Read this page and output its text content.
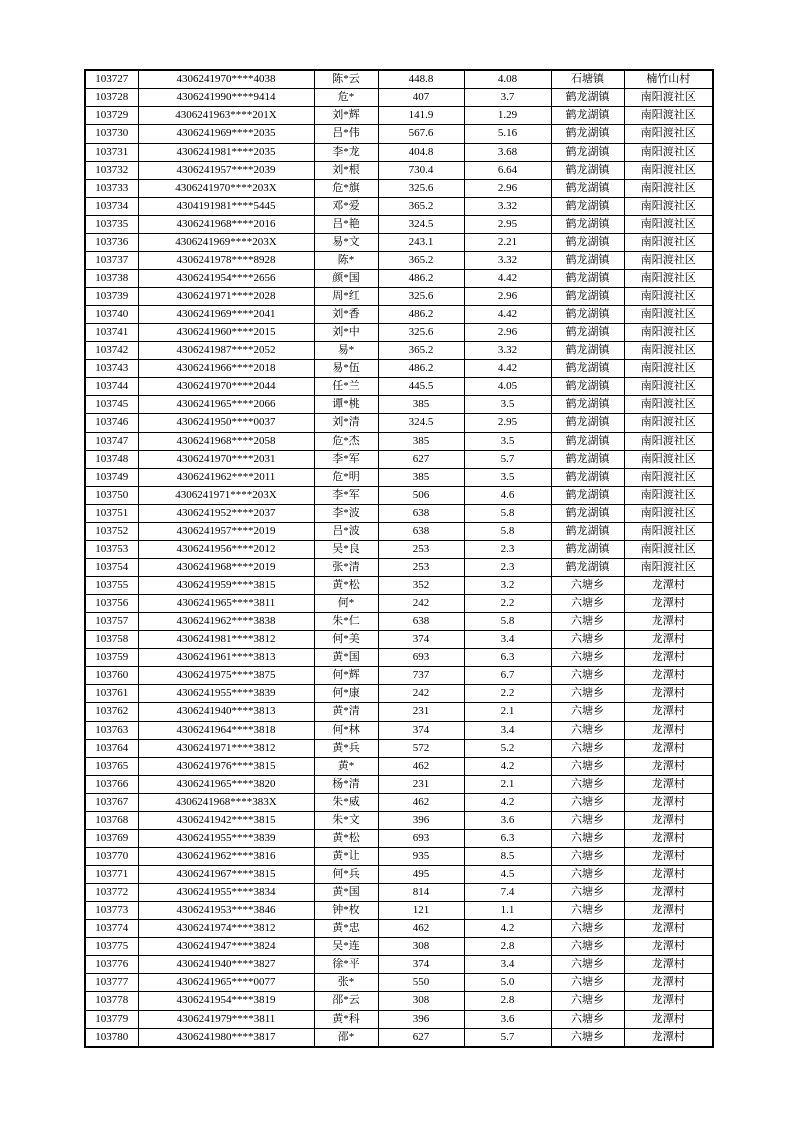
103727	4306241970****4038	陈*云	448.8	4.08	石塘镇	楠竹山村
103728	4306241990****9414	危*	407	3.7	鹤龙湖镇	南阳渡社区
103729	4306241963****201X	刘*辉	141.9	1.29	鹤龙湖镇	南阳渡社区
103730	4306241969****2035	吕*伟	567.6	5.16	鹤龙湖镇	南阳渡社区
103731	4306241981****2035	李*龙	404.8	3.68	鹤龙湖镇	南阳渡社区
103732	4306241957****2039	刘*根	730.4	6.64	鹤龙湖镇	南阳渡社区
103733	4306241970****203X	危*旗	325.6	2.96	鹤龙湖镇	南阳渡社区
103734	4304191981****5445	邓*爱	365.2	3.32	鹤龙湖镇	南阳渡社区
103735	4306241968****2016	吕*艳	324.5	2.95	鹤龙湖镇	南阳渡社区
103736	4306241969****203X	易*文	243.1	2.21	鹤龙湖镇	南阳渡社区
103737	4306241978****8928	陈*	365.2	3.32	鹤龙湖镇	南阳渡社区
103738	4306241954****2656	颜*国	486.2	4.42	鹤龙湖镇	南阳渡社区
103739	4306241971****2028	周*红	325.6	2.96	鹤龙湖镇	南阳渡社区
103740	4306241969****2041	刘*香	486.2	4.42	鹤龙湖镇	南阳渡社区
103741	4306241960****2015	刘*中	325.6	2.96	鹤龙湖镇	南阳渡社区
103742	4306241987****2052	易*	365.2	3.32	鹤龙湖镇	南阳渡社区
103743	4306241966****2018	易*伍	486.2	4.42	鹤龙湖镇	南阳渡社区
103744	4306241970****2044	任*兰	445.5	4.05	鹤龙湖镇	南阳渡社区
103745	4306241965****2066	谭*桃	385	3.5	鹤龙湖镇	南阳渡社区
103746	4306241950****0037	刘*清	324.5	2.95	鹤龙湖镇	南阳渡社区
103747	4306241968****2058	危*杰	385	3.5	鹤龙湖镇	南阳渡社区
103748	4306241970****2031	李*军	627	5.7	鹤龙湖镇	南阳渡社区
103749	4306241962****2011	危*明	385	3.5	鹤龙湖镇	南阳渡社区
103750	4306241971****203X	李*军	506	4.6	鹤龙湖镇	南阳渡社区
103751	4306241952****2037	李*波	638	5.8	鹤龙湖镇	南阳渡社区
103752	4306241957****2019	吕*波	638	5.8	鹤龙湖镇	南阳渡社区
103753	4306241956****2012	吴*良	253	2.3	鹤龙湖镇	南阳渡社区
103754	4306241968****2019	张*清	253	2.3	鹤龙湖镇	南阳渡社区
103755	4306241959****3815	黄*松	352	3.2	六塘乡	龙潭村
103756	4306241965****3811	何*	242	2.2	六塘乡	龙潭村
103757	4306241962****3838	朱*仁	638	5.8	六塘乡	龙潭村
103758	4306241981****3812	何*美	374	3.4	六塘乡	龙潭村
103759	4306241961****3813	黄*国	693	6.3	六塘乡	龙潭村
103760	4306241975****3875	何*辉	737	6.7	六塘乡	龙潭村
103761	4306241955****3839	何*康	242	2.2	六塘乡	龙潭村
103762	4306241940****3813	黄*清	231	2.1	六塘乡	龙潭村
103763	4306241964****3818	何*林	374	3.4	六塘乡	龙潭村
103764	4306241971****3812	黄*兵	572	5.2	六塘乡	龙潭村
103765	4306241976****3815	黄*	462	4.2	六塘乡	龙潭村
103766	4306241965****3820	杨*清	231	2.1	六塘乡	龙潭村
103767	4306241968****383X	朱*威	462	4.2	六塘乡	龙潭村
103768	4306241942****3815	朱*文	396	3.6	六塘乡	龙潭村
103769	4306241955****3839	黄*松	693	6.3	六塘乡	龙潭村
103770	4306241962****3816	黄*让	935	8.5	六塘乡	龙潭村
103771	4306241967****3815	何*兵	495	4.5	六塘乡	龙潭村
103772	4306241955****3834	黄*国	814	7.4	六塘乡	龙潭村
103773	4306241953****3846	钟*枚	121	1.1	六塘乡	龙潭村
103774	4306241974****3812	黄*忠	462	4.2	六塘乡	龙潭村
103775	4306241947****3824	吴*连	308	2.8	六塘乡	龙潭村
103776	4306241940****3827	徐*平	374	3.4	六塘乡	龙潭村
103777	4306241965****0077	张*	550	5.0	六塘乡	龙潭村
103778	4306241954****3819	邵*云	308	2.8	六塘乡	龙潭村
103779	4306241979****3811	黄*科	396	3.6	六塘乡	龙潭村
103780	4306241980****3817	邵*	627	5.7	六塘乡	龙潭村
